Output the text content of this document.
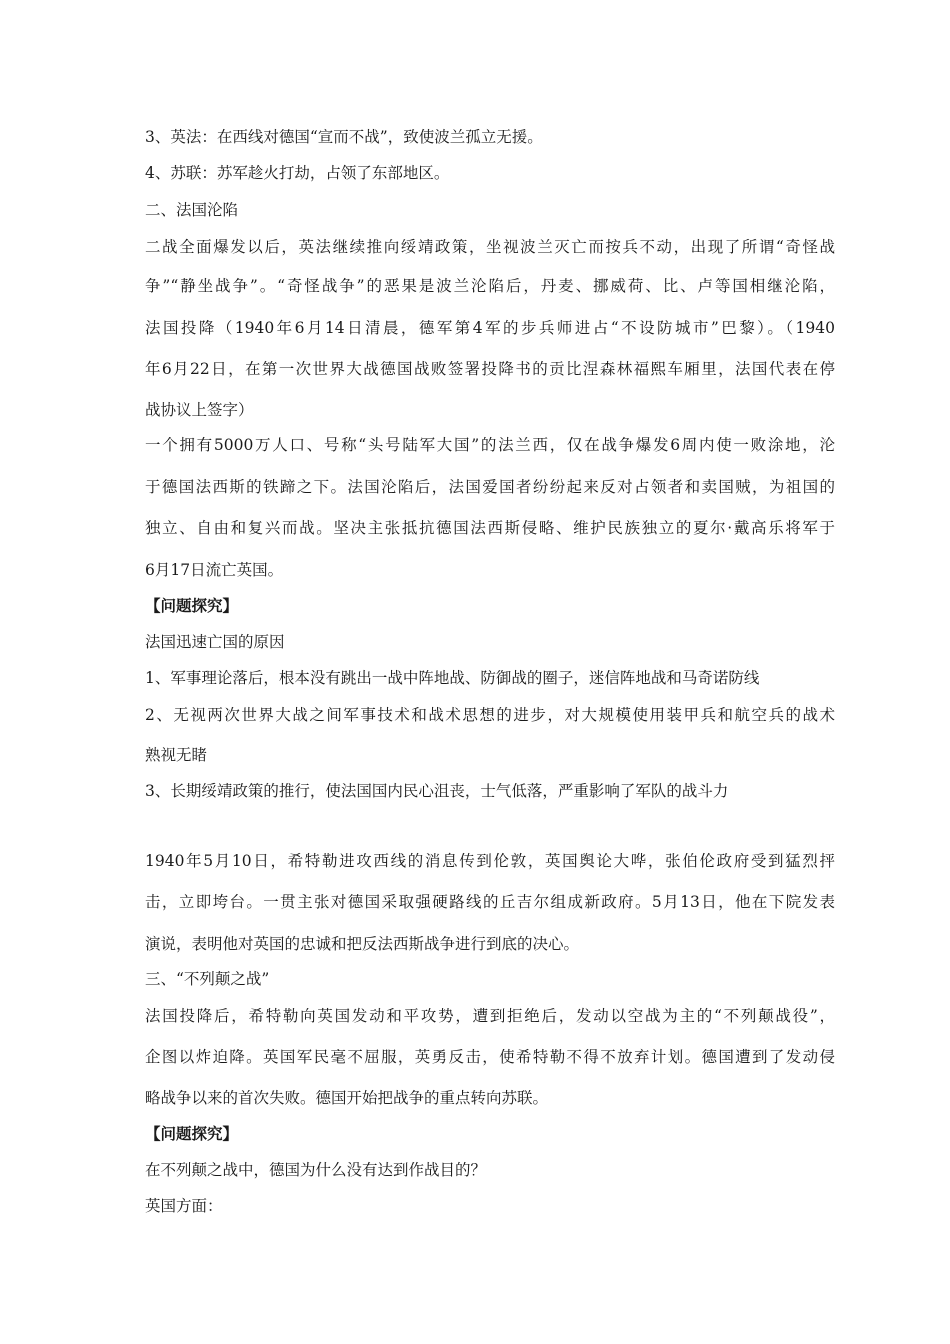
3、英法：在西线对德国“宣而不战”，致使波兰孤立无援。
4、苏联：苏军趁火打劫，占领了东部地区。
二、法国沦陷
二战全面爆发以后，英法继续推向绥靖政策，坐视波兰灭亡而按兵不动，出现了所谓“奇怪战
争”“静坐战争”。“奇怪战争”的恶果是波兰沦陷后，丹麦、挪威荷、比、卢等国相继沦陷，
法国投降（1940年6月14日清晨，德军第4军的步兵师进占“不设防城市”巴黎）。（1940
年6月22日，在第一次世界大战德国战败签署投降书的贡比涅森林福熙车厢里，法国代表在停
战协议上签字）
一个拥有5000万人口、号称“头号陆军大国”的法兰西，仅在战争爆发6周内使一败涂地，沦
于德国法西斯的铁蹄之下。法国沦陷后，法国爱国者纷纷起来反对占领者和卖国贼，为祖国的
独立、自由和复兴而战。坚决主张抵抗德国法西斯侵略、维护民族独立的夏尔·戴高乐将军于
6月17日流亡英国。
【问题探究】
法国迅速亡国的原因
1、军事理论落后，根本没有跳出一战中阵地战、防御战的圈子，迷信阵地战和马奇诺防线
2、无视两次世界大战之间军事技术和战术思想的进步，对大规模使用装甲兵和航空兵的战术
熟视无睹
3、长期绥靖政策的推行，使法国国内民心沮丧，士气低落，严重影响了军队的战斗力
1940年5月10日，希特勒进攻西线的消息传到伦敦，英国舆论大哗，张伯伦政府受到猛烈抨
击，立即垮台。一贯主张对德国采取强硬路线的丘吉尔组成新政府。5月13日，他在下院发表
演说，表明他对英国的忠诚和把反法西斯战争进行到底的决心。
三、“不列颠之战”
法国投降后，希特勒向英国发动和平攻势，遭到拒绝后，发动以空战为主的“不列颠战役”，
企图以炸迫降。英国军民毫不屈服，英勇反击，使希特勒不得不放弃计划。德国遭到了发动侵
略战争以来的首次失败。德国开始把战争的重点转向苏联。
【问题探究】
在不列颠之战中，德国为什么没有达到作战目的？
英国方面：
